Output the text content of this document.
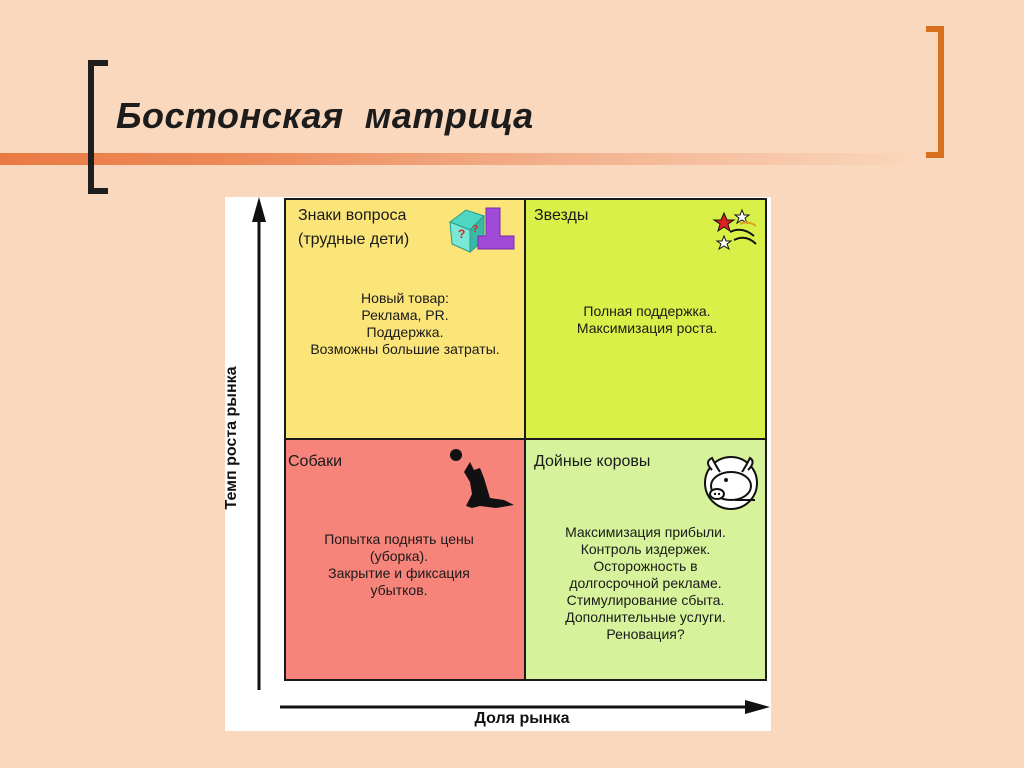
Бостонская  матрица
Знаки вопроса
(трудные дети)
Новый товар:
Реклама, PR.
Поддержка.
Возможны большие затраты.
Звезды
Полная поддержка.
Максимизация роста.
Собаки
Попытка поднять цены
(уборка).
Закрытие и фиксация
убытков.
Дойные коровы
Максимизация прибыли.
Контроль издержек.
Осторожность в
долгосрочной рекламе.
Стимулирование сбыта.
Дополнительные услуги.
Реновация?
? ?
Темп роста рынка
Доля рынка
